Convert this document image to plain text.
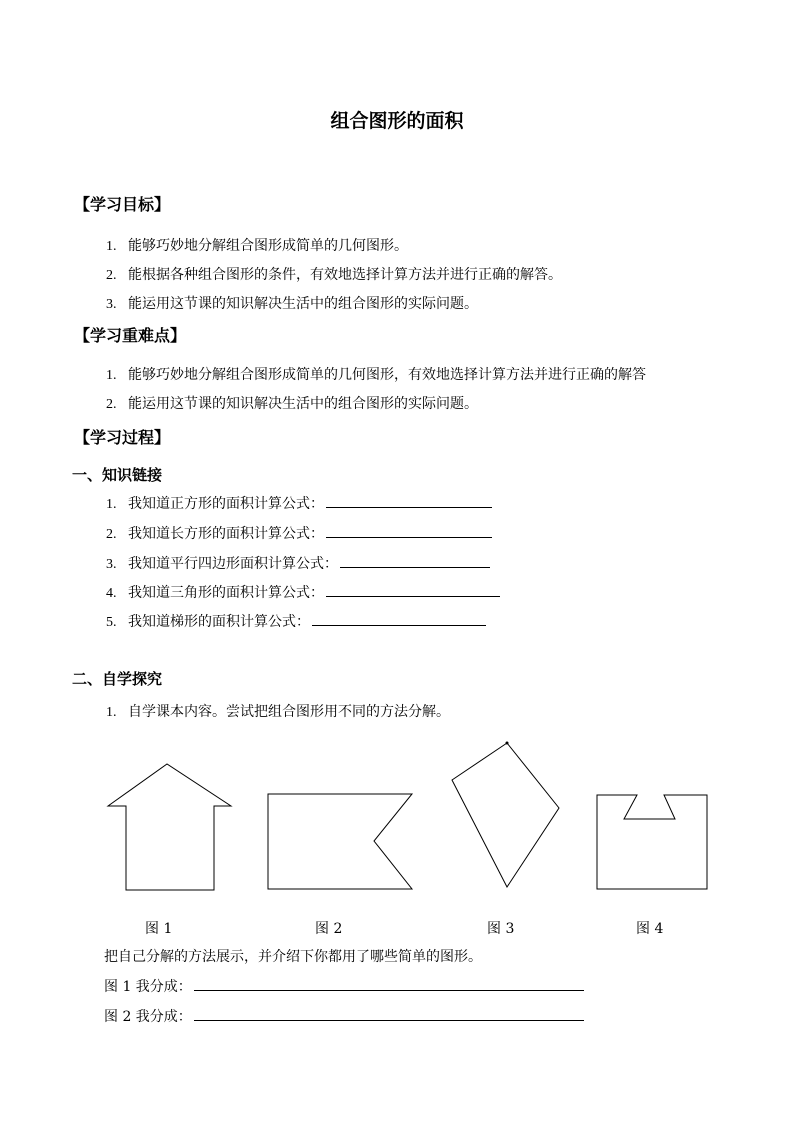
组合图形的面积
【学习目标】
1. 能够巧妙地分解组合图形成简单的几何图形。
2. 能根据各种组合图形的条件，有效地选择计算方法并进行正确的解答。
3. 能运用这节课的知识解决生活中的组合图形的实际问题。
【学习重难点】
1. 能够巧妙地分解组合图形成简单的几何图形，有效地选择计算方法并进行正确的解答
2. 能运用这节课的知识解决生活中的组合图形的实际问题。
【学习过程】
一、知识链接
1. 我知道正方形的面积计算公式：
2. 我知道长方形的面积计算公式：
3. 我知道平行四边形面积计算公式：
4. 我知道三角形的面积计算公式：
5. 我知道梯形的面积计算公式：
二、自学探究
1. 自学课本内容。尝试把组合图形用不同的方法分解。
图 1	图 2	图 3	图 4
把自己分解的方法展示，并介绍下你都用了哪些简单的图形。
图 1 我分成：
图 2 我分成：
